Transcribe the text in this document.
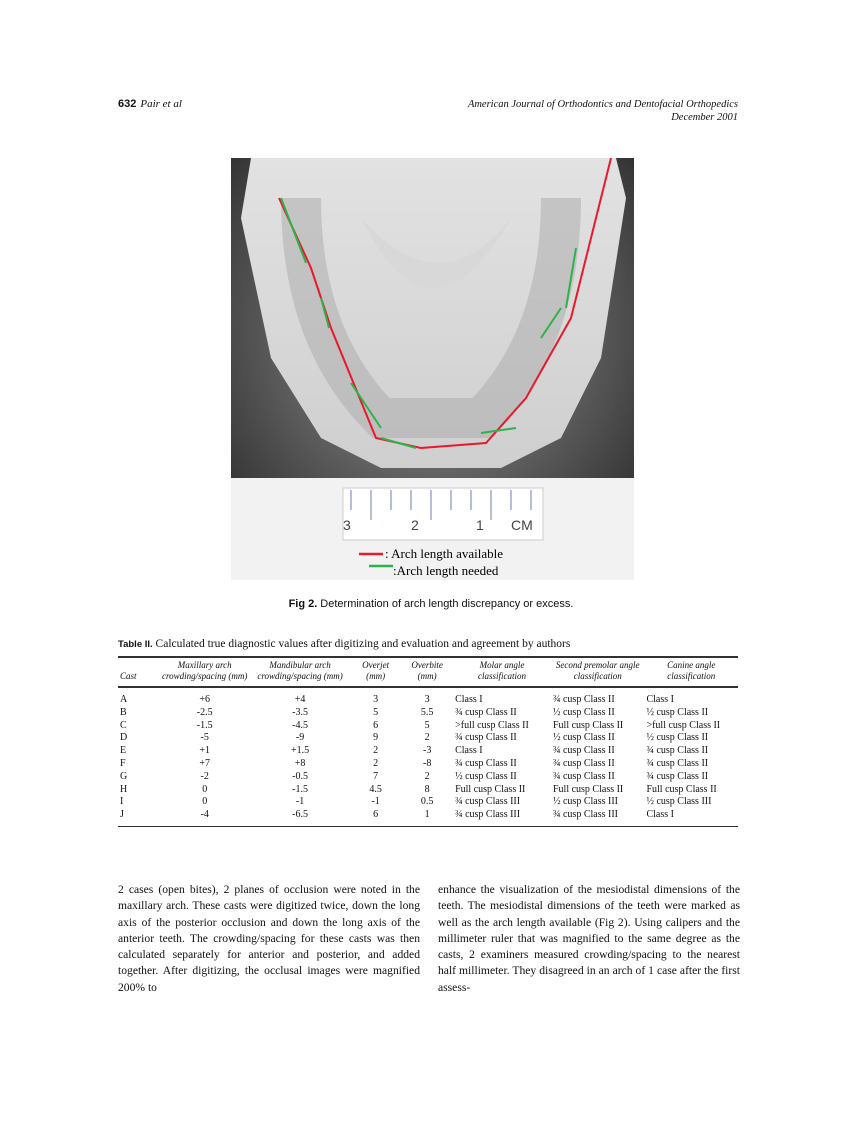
632 Pair et al	American Journal of Orthodontics and Dentofacial Orthopedics
December 2001
3	2	1 CM
: Arch length available
:Arch length needed
Fig 2. Determination of arch length discrepancy or excess.
Table II. Calculated true diagnostic values after digitizing and evaluation and agreement by authors
Cast	Maxillary arch crowding/spacing (mm)	Mandibular arch crowding/spacing (mm)	Overjet (mm)	Overbite (mm)	Molar angle classification	Second premolar angle classification	Canine angle classification
A	+6	+4	3	3	Class I	¾ cusp Class II	Class I
B	-2.5	-3.5	5	5.5	¾ cusp Class II	½ cusp Class II	½ cusp Class II
C	-1.5	-4.5	6	5	>full cusp Class II	Full cusp Class II	>full cusp Class II
D	-5	-9	9	2	¾ cusp Class II	½ cusp Class II	½ cusp Class II
E	+1	+1.5	2	-3	Class I	¾ cusp Class II	¾ cusp Class II
F	+7	+8	2	-8	¾ cusp Class II	¾ cusp Class II	¾ cusp Class II
G	-2	-0.5	7	2	½ cusp Class II	¾ cusp Class II	¾ cusp Class II
H	0	-1.5	4.5	8	Full cusp Class II	Full cusp Class II	Full cusp Class II
I	0	-1	-1	0.5	¾ cusp Class III	½ cusp Class III	½ cusp Class III
J	-4	-6.5	6	1	¾ cusp Class III	¾ cusp Class III	Class I
2 cases (open bites), 2 planes of occlusion were noted in the maxillary arch. These casts were digitized twice, down the long axis of the posterior occlusion and down the long axis of the anterior teeth. The crowding/spacing for these casts was then calculated separately for anterior and posterior, and added together. After digitizing, the occlusal images were magnified 200% to
enhance the visualization of the mesiodistal dimensions of the teeth. The mesiodistal dimensions of the teeth were marked as well as the arch length available (Fig 2). Using calipers and the millimeter ruler that was magnified to the same degree as the casts, 2 examiners measured crowding/spacing to the nearest half millimeter. They disagreed in an arch of 1 case after the first assess-
